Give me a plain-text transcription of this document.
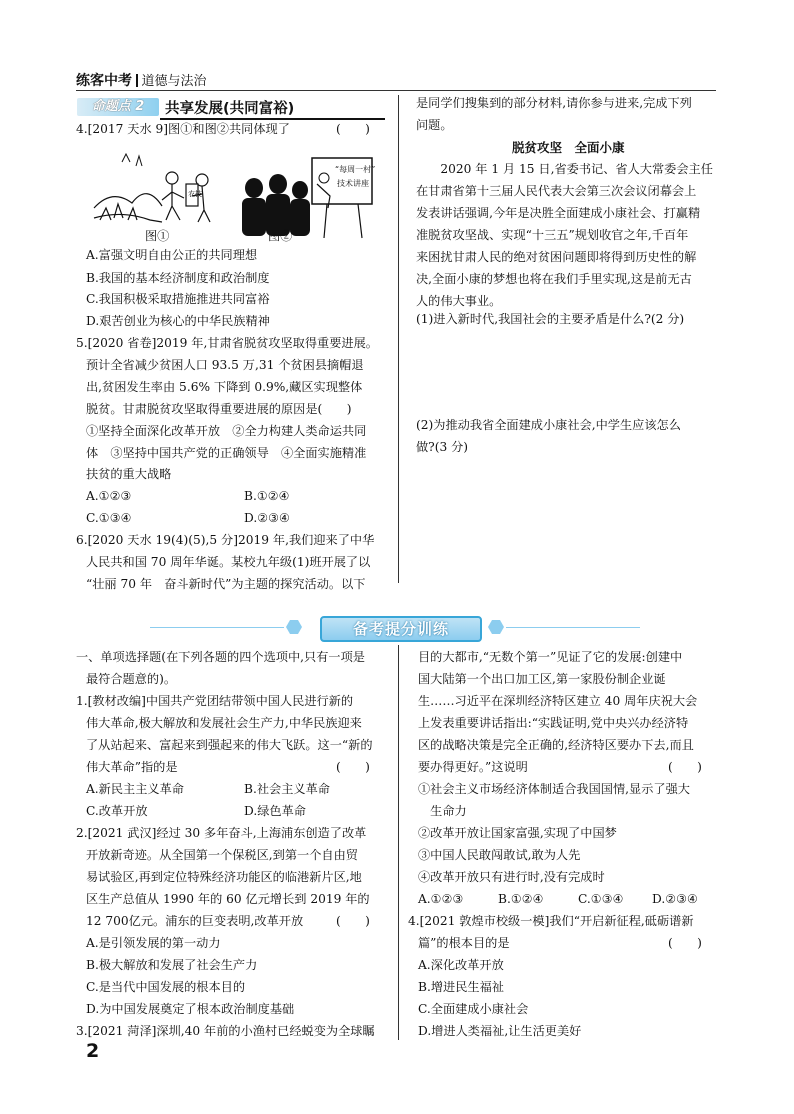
练客中考 道德与法治
命题点 2	共享发展(共同富裕)
4.[2017 天水 9]图①和图②共同体现了	(　　)
农技
“每周一村”
技术讲座
图①	图②
A.富强文明自由公正的共同理想
B.我国的基本经济制度和政治制度
C.我国积极采取措施推进共同富裕
D.艰苦创业为核心的中华民族精神
5.[2020 省卷]2019 年,甘肃省脱贫攻坚取得重要进展。
预计全省减少贫困人口 93.5 万,31 个贫困县摘帽退
出,贫困发生率由 5.6% 下降到 0.9%,藏区实现整体
脱贫。甘肃脱贫攻坚取得重要进展的原因是(　　)
①坚持全面深化改革开放　②全力构建人类命运共同
体　③坚持中国共产党的正确领导　④全面实施精准
扶贫的重大战略
A.①②③	B.①②④
C.①③④	D.②③④
6.[2020 天水 19(4)(5),5 分]2019 年,我们迎来了中华
人民共和国 70 周年华诞。某校九年级(1)班开展了以
“壮丽 70 年　奋斗新时代”为主题的探究活动。以下
是同学们搜集到的部分材料,请你参与进来,完成下列
问题。
脱贫攻坚　全面小康
　　2020 年 1 月 15 日,省委书记、省人大常委会主任
在甘肃省第十三届人民代表大会第三次会议闭幕会上
发表讲话强调,今年是决胜全面建成小康社会、打赢精
准脱贫攻坚战、实现“十三五”规划收官之年,千百年
来困扰甘肃人民的绝对贫困问题即将得到历史性的解
决,全面小康的梦想也将在我们手里实现,这是前无古
人的伟大事业。
(1)进入新时代,我国社会的主要矛盾是什么?(2 分)
(2)为推动我省全面建成小康社会,中学生应该怎么
做?(3 分)
备考提分训练
一、单项选择题(在下列各题的四个选项中,只有一项是
最符合题意的)。
1.[教材改编]中国共产党团结带领中国人民进行新的
伟大革命,极大解放和发展社会生产力,中华民族迎来
了从站起来、富起来到强起来的伟大飞跃。这一“新的
伟大革命”指的是	(　　)
A.新民主主义革命	B.社会主义革命
C.改革开放	D.绿色革命
2.[2021 武汉]经过 30 多年奋斗,上海浦东创造了改革
开放新奇迹。从全国第一个保税区,到第一个自由贸
易试验区,再到定位特殊经济功能区的临港新片区,地
区生产总值从 1990 年的 60 亿元增长到 2019 年的
12 700亿元。浦东的巨变表明,改革开放	(　　)
A.是引领发展的第一动力
B.极大解放和发展了社会生产力
C.是当代中国发展的根本目的
D.为中国发展奠定了根本政治制度基础
3.[2021 菏泽]深圳,40 年前的小渔村已经蜕变为全球瞩
目的大都市,“无数个第一”见证了它的发展:创建中
国大陆第一个出口加工区,第一家股份制企业诞
生……习近平在深圳经济特区建立 40 周年庆祝大会
上发表重要讲话指出:“实践证明,党中央兴办经济特
区的战略决策是完全正确的,经济特区要办下去,而且
要办得更好。”这说明	(　　)
①社会主义市场经济体制适合我国国情,显示了强大
　生命力
②改革开放让国家富强,实现了中国梦
③中国人民敢闯敢试,敢为人先
④改革开放只有进行时,没有完成时
A.①②③	B.①②④	C.①③④ D.②③④
4.[2021 敦煌市校级一模]我们“开启新征程,砥砺谱新
篇”的根本目的是	(　　)
A.深化改革开放
B.增进民生福祉
C.全面建成小康社会
D.增进人类福祉,让生活更美好
2
